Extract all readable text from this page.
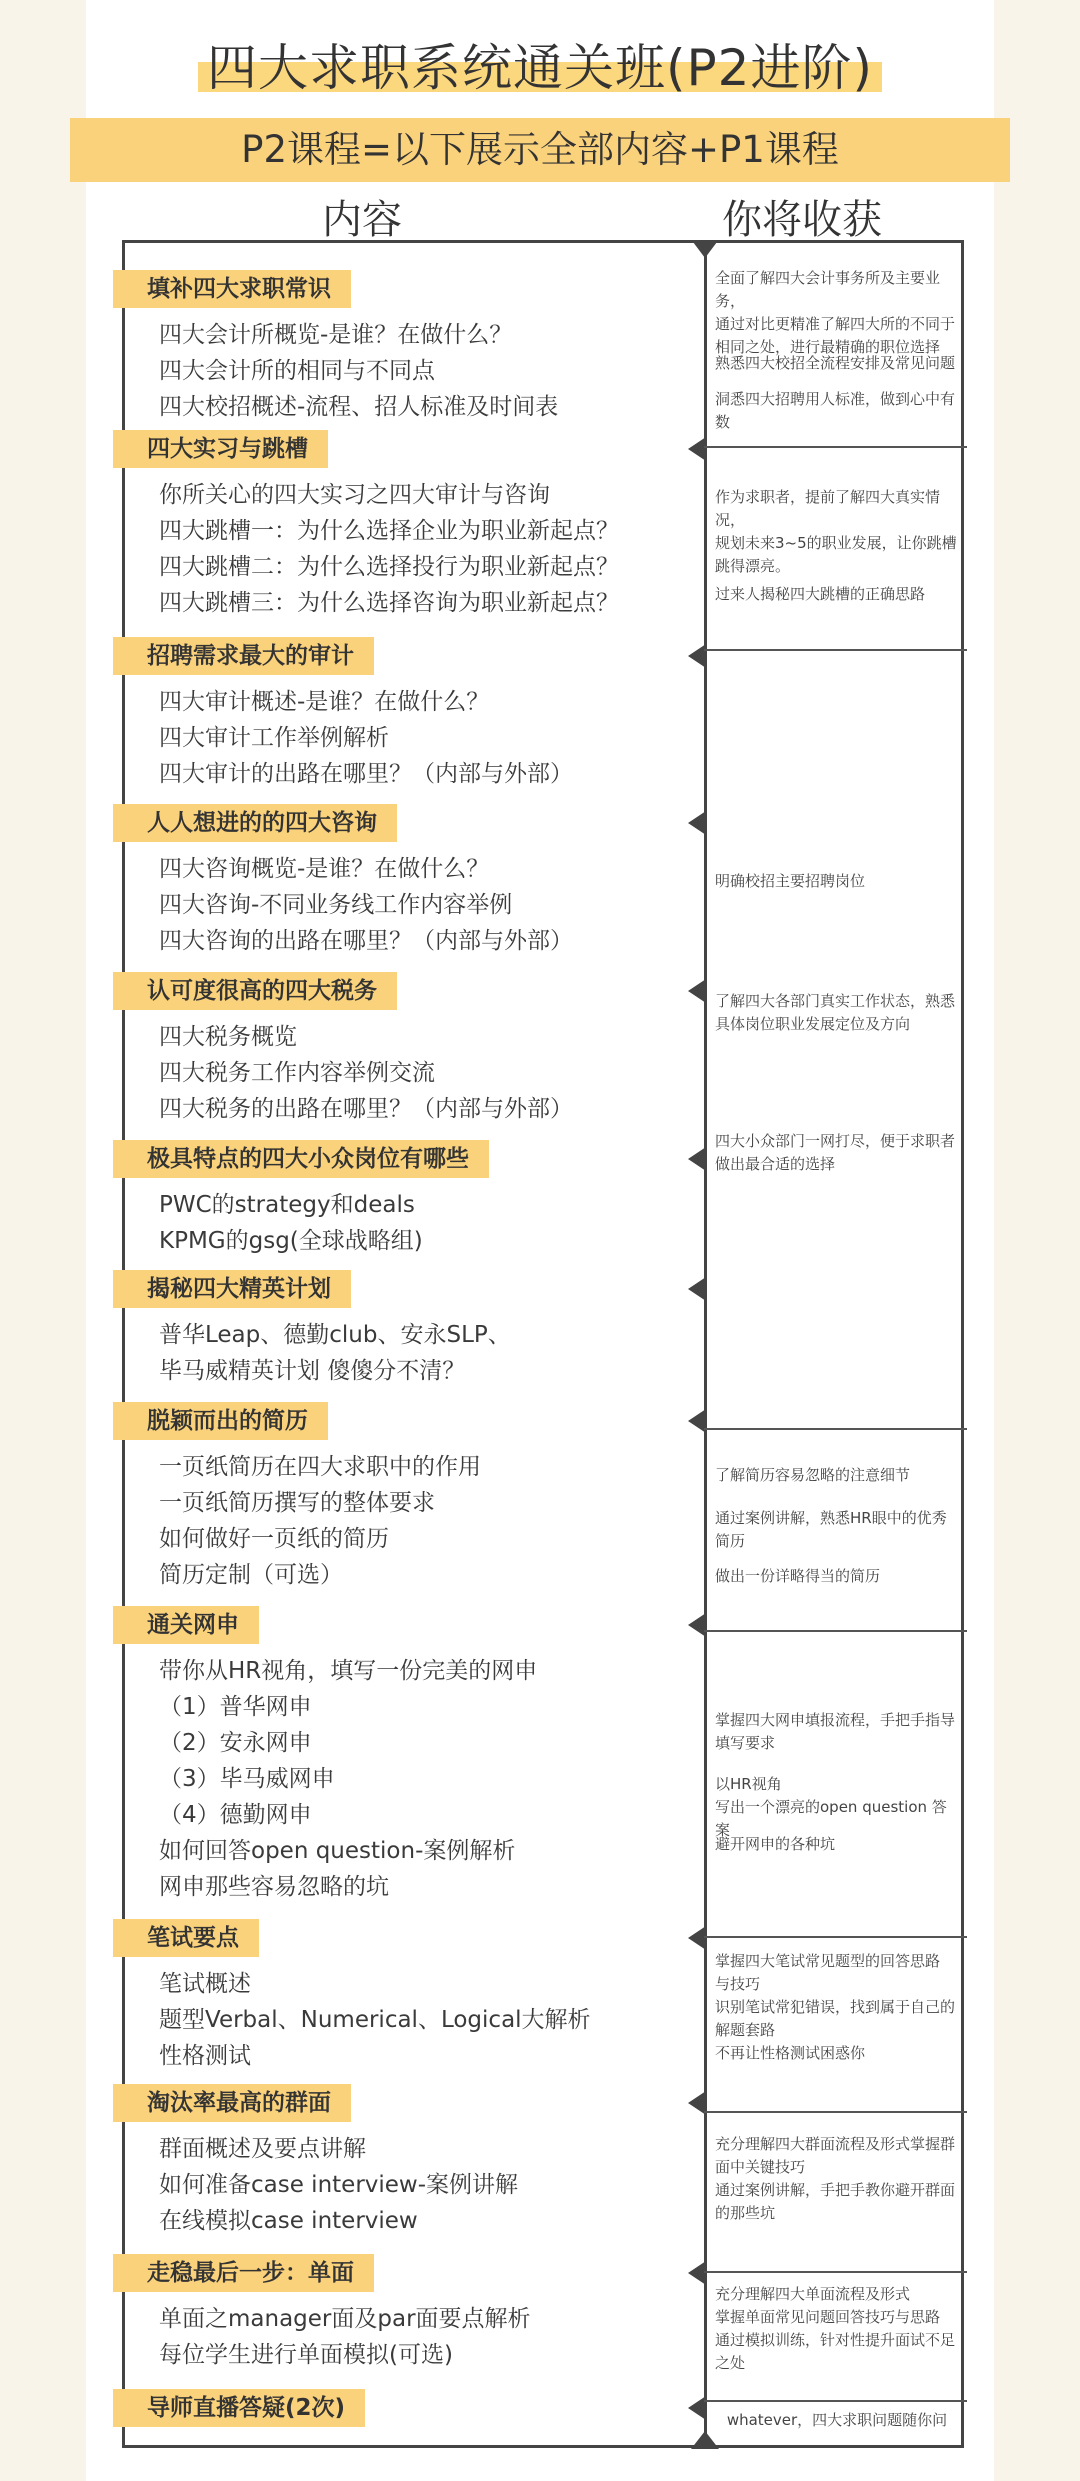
四大求职系统通关班(P2进阶)
P2课程=以下展示全部内容+P1课程
内容	你将收获
填补四大求职常识
四大会计所概览-是谁？在做什么？
四大会计所的相同与不同点
四大校招概述-流程、招人标准及时间表
四大实习与跳槽
你所关心的四大实习之四大审计与咨询
四大跳槽一：为什么选择企业为职业新起点？
四大跳槽二：为什么选择投行为职业新起点？
四大跳槽三：为什么选择咨询为职业新起点？
招聘需求最大的审计
四大审计概述-是谁？在做什么？
四大审计工作举例解析
四大审计的出路在哪里？（内部与外部）
人人想进的的四大咨询
四大咨询概览-是谁？在做什么？
四大咨询-不同业务线工作内容举例
四大咨询的出路在哪里？（内部与外部）
认可度很高的四大税务
四大税务概览
四大税务工作内容举例交流
四大税务的出路在哪里？（内部与外部）
极具特点的四大小众岗位有哪些
PWC的strategy和deals
KPMG的gsg(全球战略组)
揭秘四大精英计划
普华Leap、德勤club、安永SLP、
毕马威精英计划 傻傻分不清？
脱颖而出的简历
一页纸简历在四大求职中的作用
一页纸简历撰写的整体要求
如何做好一页纸的简历
简历定制（可选）
通关网申
带你从HR视角，填写一份完美的网申
（1）普华网申
（2）安永网申
（3）毕马威网申
（4）德勤网申
如何回答open question-案例解析
网申那些容易忽略的坑
笔试要点
笔试概述
题型Verbal、Numerical、Logical大解析
性格测试
淘汰率最高的群面
群面概述及要点讲解
如何准备case interview-案例讲解
在线模拟case interview
走稳最后一步：单面
单面之manager面及par面要点解析
每位学生进行单面模拟(可选)
导师直播答疑(2次)
全面了解四大会计事务所及主要业务，
通过对比更精准了解四大所的不同于
相同之处，进行最精确的职位选择
熟悉四大校招全流程安排及常见问题
洞悉四大招聘用人标准，做到心中有
数
作为求职者，提前了解四大真实情况，
规划未来3~5的职业发展，让你跳槽
跳得漂亮。
过来人揭秘四大跳槽的正确思路
明确校招主要招聘岗位
了解四大各部门真实工作状态，熟悉
具体岗位职业发展定位及方向
四大小众部门一网打尽，便于求职者
做出最合适的选择
了解简历容易忽略的注意细节
通过案例讲解，熟悉HR眼中的优秀
简历
做出一份详略得当的简历
掌握四大网申填报流程，手把手指导
填写要求
以HR视角
写出一个漂亮的open question 答案
避开网申的各种坑
掌握四大笔试常见题型的回答思路
与技巧
识别笔试常犯错误，找到属于自己的
解题套路
不再让性格测试困惑你
充分理解四大群面流程及形式掌握群
面中关键技巧
通过案例讲解，手把手教你避开群面
的那些坑
充分理解四大单面流程及形式
掌握单面常见问题回答技巧与思路
通过模拟训练，针对性提升面试不足
之处
whatever，四大求职问题随你问
